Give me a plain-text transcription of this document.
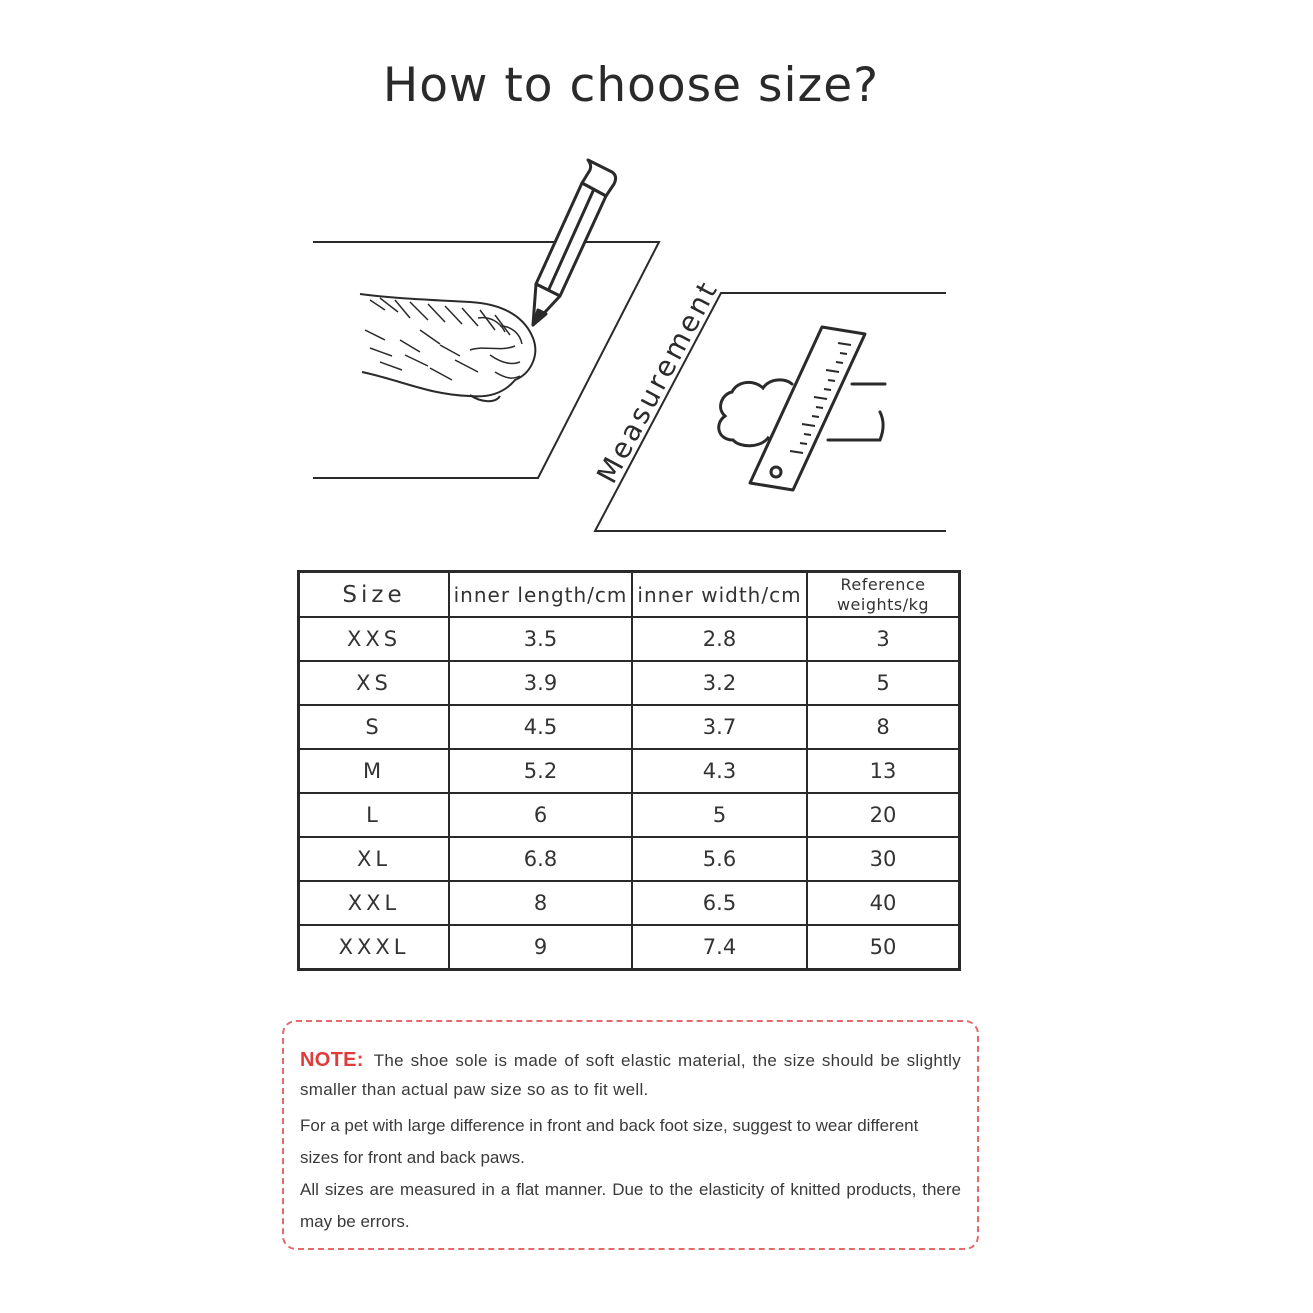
How to choose size?
Measurement
Size	inner length/cm	inner width/cm	Reference
weights/kg
XXS	3.5	2.8	3
XS	3.9	3.2	5
S	4.5	3.7	8
M	5.2	4.3	13
L	6	5	20
XL	6.8	5.6	30
XXL	8	6.5	40
XXXL	9	7.4	50

NOTE: The shoe sole is made of soft elastic material, the size should be slightly smaller than actual paw size so as to fit well.

For a pet with large difference in front and back foot size, suggest to wear different sizes for front and back paws.

All sizes are measured in a flat manner. Due to the elasticity of knitted products, there may be errors.
